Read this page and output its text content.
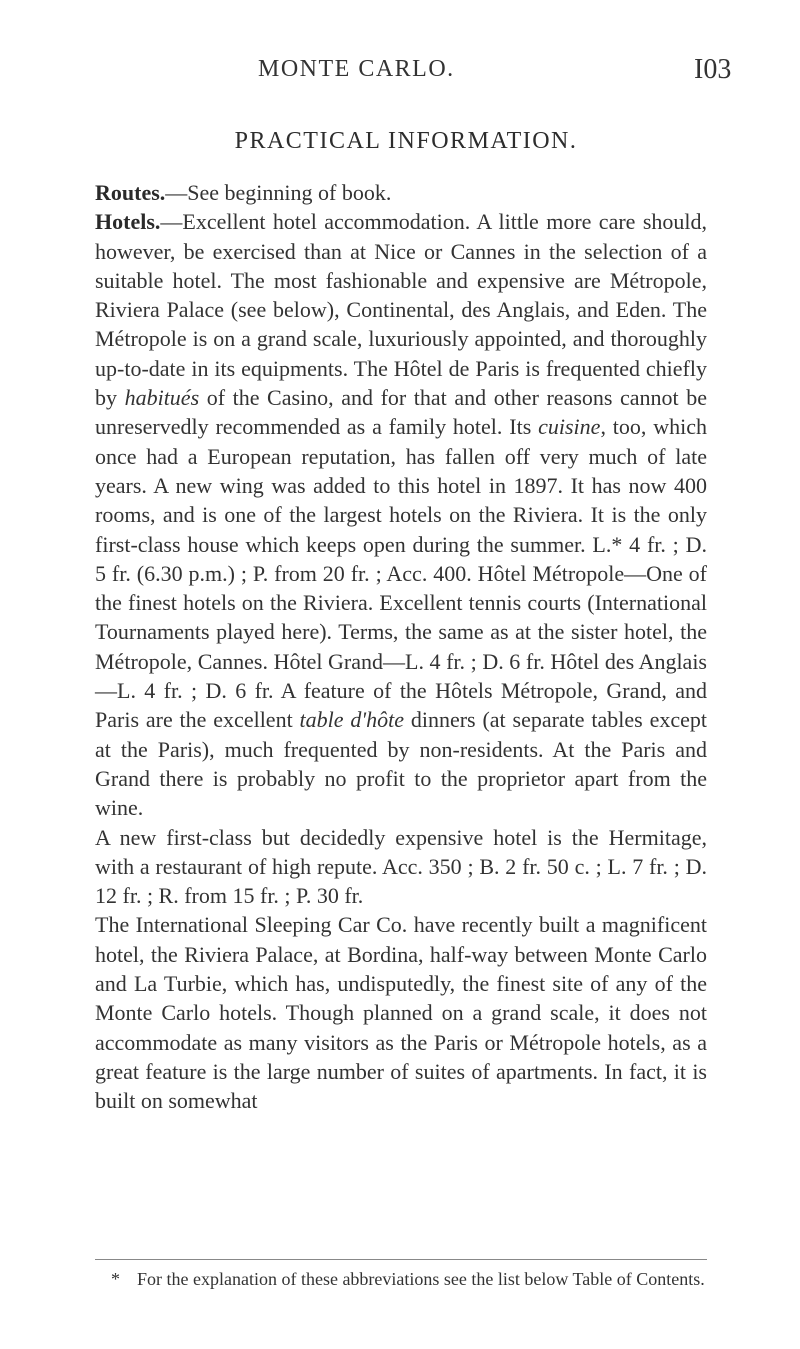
MONTE CARLO.	I03
PRACTICAL INFORMATION.

Routes.—See beginning of book.

Hotels.—Excellent hotel accommodation. A little more care should, however, be exercised than at Nice or Cannes in the selection of a suitable hotel. The most fashionable and expensive are Métropole, Riviera Palace (see below), Continental, des Anglais, and Eden. The Métropole is on a grand scale, luxuriously appointed, and thoroughly up-to-date in its equipments. The Hôtel de Paris is frequented chiefly by habitués of the Casino, and for that and other reasons cannot be unreservedly recommended as a family hotel. Its cuisine, too, which once had a European reputation, has fallen off very much of late years. A new wing was added to this hotel in 1897. It has now 400 rooms, and is one of the largest hotels on the Riviera. It is the only first-class house which keeps open during the summer. L.* 4 fr. ; D. 5 fr. (6.30 p.m.) ; P. from 20 fr. ; Acc. 400. Hôtel Métropole—One of the finest hotels on the Riviera. Excellent tennis courts (International Tournaments played here). Terms, the same as at the sister hotel, the Métropole, Cannes. Hôtel Grand—L. 4 fr. ; D. 6 fr. Hôtel des Anglais—L. 4 fr. ; D. 6 fr. A feature of the Hôtels Métropole, Grand, and Paris are the excellent table d'hôte dinners (at separate tables except at the Paris), much frequented by non-residents. At the Paris and Grand there is probably no profit to the proprietor apart from the wine.

A new first-class but decidedly expensive hotel is the Hermitage, with a restaurant of high repute. Acc. 350 ; B. 2 fr. 50 c. ; L. 7 fr. ; D. 12 fr. ; R. from 15 fr. ; P. 30 fr.

The International Sleeping Car Co. have recently built a magnificent hotel, the Riviera Palace, at Bordina, half-way between Monte Carlo and La Turbie, which has, undisputedly, the finest site of any of the Monte Carlo hotels. Though planned on a grand scale, it does not accommodate as many visitors as the Paris or Métropole hotels, as a great feature is the large number of suites of apartments. In fact, it is built on somewhat

* For the explanation of these abbreviations see the list below Table of Contents.
